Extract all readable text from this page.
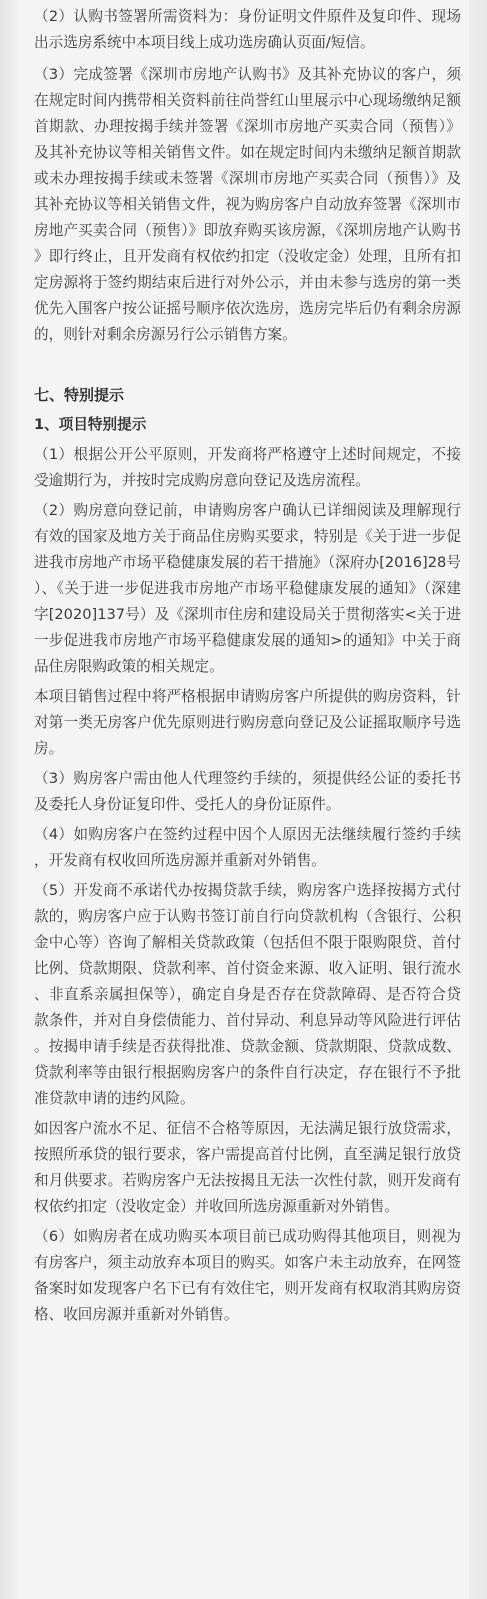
（2）认购书签署所需资料为：身份证明文件原件及复印件、现场出示选房系统中本项目线上成功选房确认页面/短信。

（3）完成签署《深圳市房地产认购书》及其补充协议的客户，须在规定时间内携带相关资料前往尚誉红山里展示中心现场缴纳足额首期款、办理按揭手续并签署《深圳市房地产买卖合同（预售）》及其补充协议等相关销售文件。如在规定时间内未缴纳足额首期款或未办理按揭手续或未签署《深圳市房地产买卖合同（预售）》及其补充协议等相关销售文件，视为购房客户自动放弃签署《深圳市房地产买卖合同（预售）》即放弃购买该房源，《深圳房地产认购书》即行终止，且开发商有权依约扣定（没收定金）处理，且所有扣定房源将于签约期结束后进行对外公示，并由未参与选房的第一类优先入围客户按公证摇号顺序依次选房，选房完毕后仍有剩余房源的，则针对剩余房源另行公示销售方案。

七、特别提示
1、项目特别提示

（1）根据公开公平原则，开发商将严格遵守上述时间规定，不接受逾期行为，并按时完成购房意向登记及选房流程。

（2）购房意向登记前，申请购房客户确认已详细阅读及理解现行有效的国家及地方关于商品住房购买要求，特别是《关于进一步促进我市房地产市场平稳健康发展的若干措施》（深府办[2016]28号）、《关于进一步促进我市房地产市场平稳健康发展的通知》（深建字[2020]137号）及《深圳市住房和建设局关于贯彻落实<关于进一步促进我市房地产市场平稳健康发展的通知>的通知》中关于商品住房限购政策的相关规定。

本项目销售过程中将严格根据申请购房客户所提供的购房资料，针对第一类无房客户优先原则进行购房意向登记及公证摇取顺序号选房。

（3）购房客户需由他人代理签约手续的，须提供经公证的委托书及委托人身份证复印件、受托人的身份证原件。

（4）如购房客户在签约过程中因个人原因无法继续履行签约手续，开发商有权收回所选房源并重新对外销售。

（5）开发商不承诺代办按揭贷款手续，购房客户选择按揭方式付款的，购房客户应于认购书签订前自行向贷款机构（含银行、公积金中心等）咨询了解相关贷款政策（包括但不限于限购限贷、首付比例、贷款期限、贷款利率、首付资金来源、收入证明、银行流水、非直系亲属担保等），确定自身是否存在贷款障碍、是否符合贷款条件，并对自身偿债能力、首付异动、利息异动等风险进行评估。按揭申请手续是否获得批准、贷款金额、贷款期限、贷款成数、贷款利率等由银行根据购房客户的条件自行决定，存在银行不予批准贷款申请的违约风险。

如因客户流水不足、征信不合格等原因，无法满足银行放贷需求，按照所承贷的银行要求，客户需提高首付比例，直至满足银行放贷和月供要求。若购房客户无法按揭且无法一次性付款，则开发商有权依约扣定（没收定金）并收回所选房源重新对外销售。

（6）如购房者在成功购买本项目前已成功购得其他项目，则视为有房客户，须主动放弃本项目的购买。如客户未主动放弃，在网签备案时如发现客户名下已有有效住宅，则开发商有权取消其购房资格、收回房源并重新对外销售。
